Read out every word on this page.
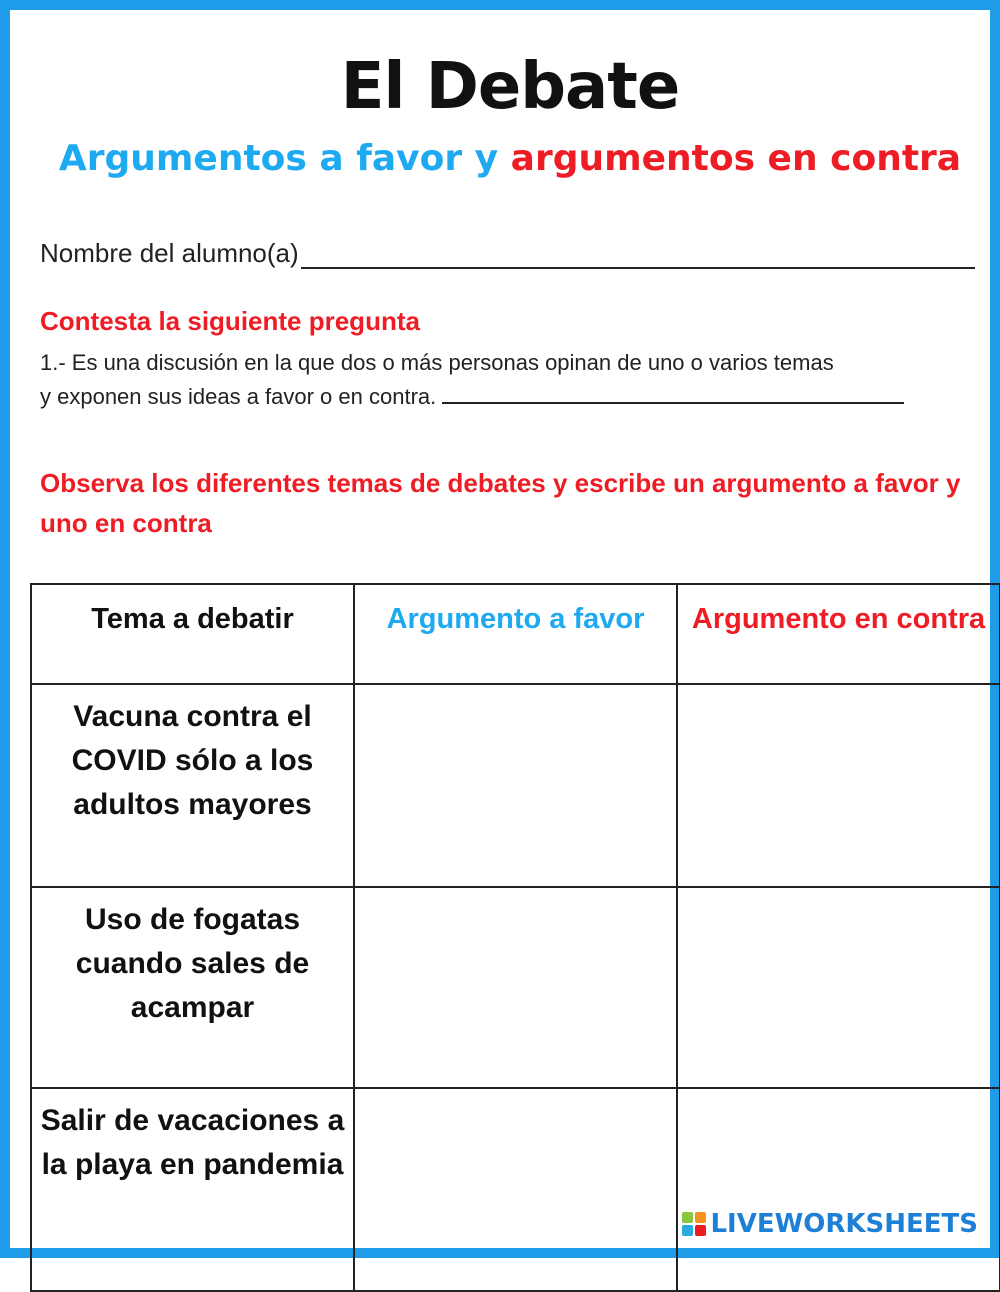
El Debate
Argumentos a favor y argumentos en contra
Nombre del alumno(a)
Contesta la siguiente pregunta
1.- Es una discusión en la que dos o más personas opinan de uno o varios temas
y exponen sus ideas a favor o en contra.
Observa los diferentes temas de debates y escribe un argumento a favor y uno en contra
Tema a debatir	Argumento a favor	Argumento en contra
Vacuna contra el COVID sólo a los adultos mayores		
Uso de fogatas cuando sales de acampar		
Salir de vacaciones a la playa en pandemia		
LIVEWORKSHEETS
